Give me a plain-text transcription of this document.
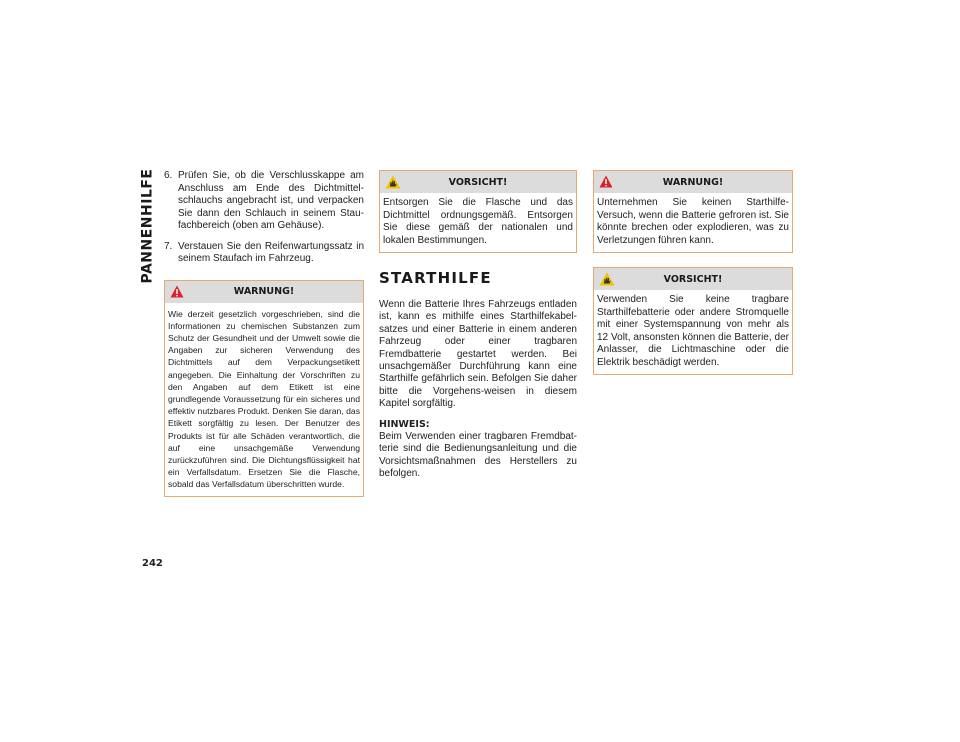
PANNENHILFE
242
6. Prüfen Sie, ob die Verschlusskappe am Anschluss am Ende des Dichtmittel-schlauchs angebracht ist, und verpacken Sie dann den Schlauch in seinem Stau-fachbereich (oben am Gehäuse).
7. Verstauen Sie den Reifenwartungssatz in seinem Staufach im Fahrzeug.
WARNUNG!
Wie derzeit gesetzlich vorgeschrieben, sind die Informationen zu chemischen Substanzen zum Schutz der Gesundheit und der Umwelt sowie die Angaben zur sicheren Verwendung des Dichtmittels auf dem Verpackungsetikett angegeben. Die Einhaltung der Vorschriften zu den Angaben auf dem Etikett ist eine grundlegende Voraussetzung für ein sicheres und effektiv nutzbares Produkt. Denken Sie daran, das Etikett sorgfältig zu lesen. Der Benutzer des Produkts ist für alle Schäden verantwortlich, die auf eine unsachgemäße Verwendung zurückzuführen sind. Die Dichtungsflüssigkeit hat ein Verfallsdatum. Ersetzen Sie die Flasche, sobald das Verfallsdatum überschritten wurde.
VORSICHT!
Entsorgen Sie die Flasche und das Dichtmittel ordnungsgemäß. Entsorgen Sie diese gemäß der nationalen und lokalen Bestimmungen.
STARTHILFE

Wenn die Batterie Ihres Fahrzeugs entladen ist, kann es mithilfe eines Starthilfekabel-satzes und einer Batterie in einem anderen Fahrzeug oder einer tragbaren Fremdbatterie gestartet werden. Bei unsachgemäßer Durchführung kann eine Starthilfe gefährlich sein. Befolgen Sie daher bitte die Vorgehens-weisen in diesem Kapitel sorgfältig.

HINWEIS:

Beim Verwenden einer tragbaren Fremdbat-terie sind die Bedienungsanleitung und die Vorsichtsmaßnahmen des Herstellers zu befolgen.

WARNUNG!
Unternehmen Sie keinen Starthilfe-Versuch, wenn die Batterie gefroren ist. Sie könnte brechen oder explodieren, was zu Verletzungen führen kann.
VORSICHT!
Verwenden Sie keine tragbare Starthilfebatterie oder andere Stromquelle mit einer Systemspannung von mehr als 12 Volt, ansonsten können die Batterie, der Anlasser, die Lichtmaschine oder die Elektrik beschädigt werden.
